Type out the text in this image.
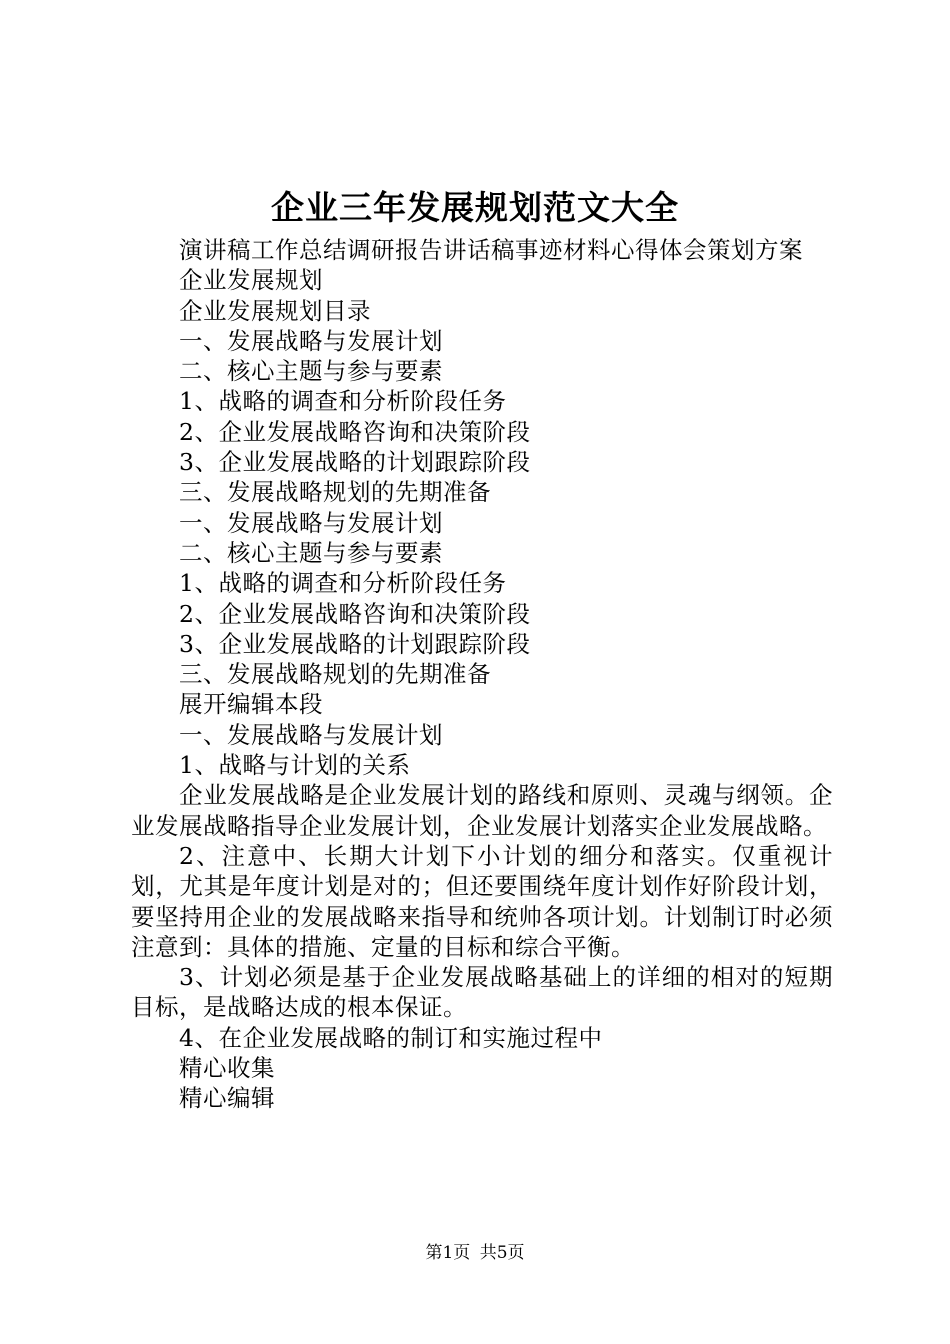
企业三年发展规划范文大全

演讲稿工作总结调研报告讲话稿事迹材料心得体会策划方案

企业发展规划

企业发展规划目录

一、发展战略与发展计划

二、核心主题与参与要素

1、战略的调查和分析阶段任务

2、企业发展战略咨询和决策阶段

3、企业发展战略的计划跟踪阶段

三、发展战略规划的先期准备

一、发展战略与发展计划

二、核心主题与参与要素

1、战略的调查和分析阶段任务

2、企业发展战略咨询和决策阶段

3、企业发展战略的计划跟踪阶段

三、发展战略规划的先期准备

展开编辑本段

一、发展战略与发展计划

1、战略与计划的关系

企业发展战略是企业发展计划的路线和原则、灵魂与纲领。企业发展战略指导企业发展计划，企业发展计划落实企业发展战略。

2、注意中、长期大计划下小计划的细分和落实。仅重视计划，尤其是年度计划是对的；但还要围绕年度计划作好阶段计划，要坚持用企业的发展战略来指导和统帅各项计划。计划制订时必须注意到：具体的措施、定量的目标和综合平衡。

3、计划必须是基于企业发展战略基础上的详细的相对的短期目标，是战略达成的根本保证。

4、在企业发展战略的制订和实施过程中

精心收集

精心编辑

第1页 共5页
